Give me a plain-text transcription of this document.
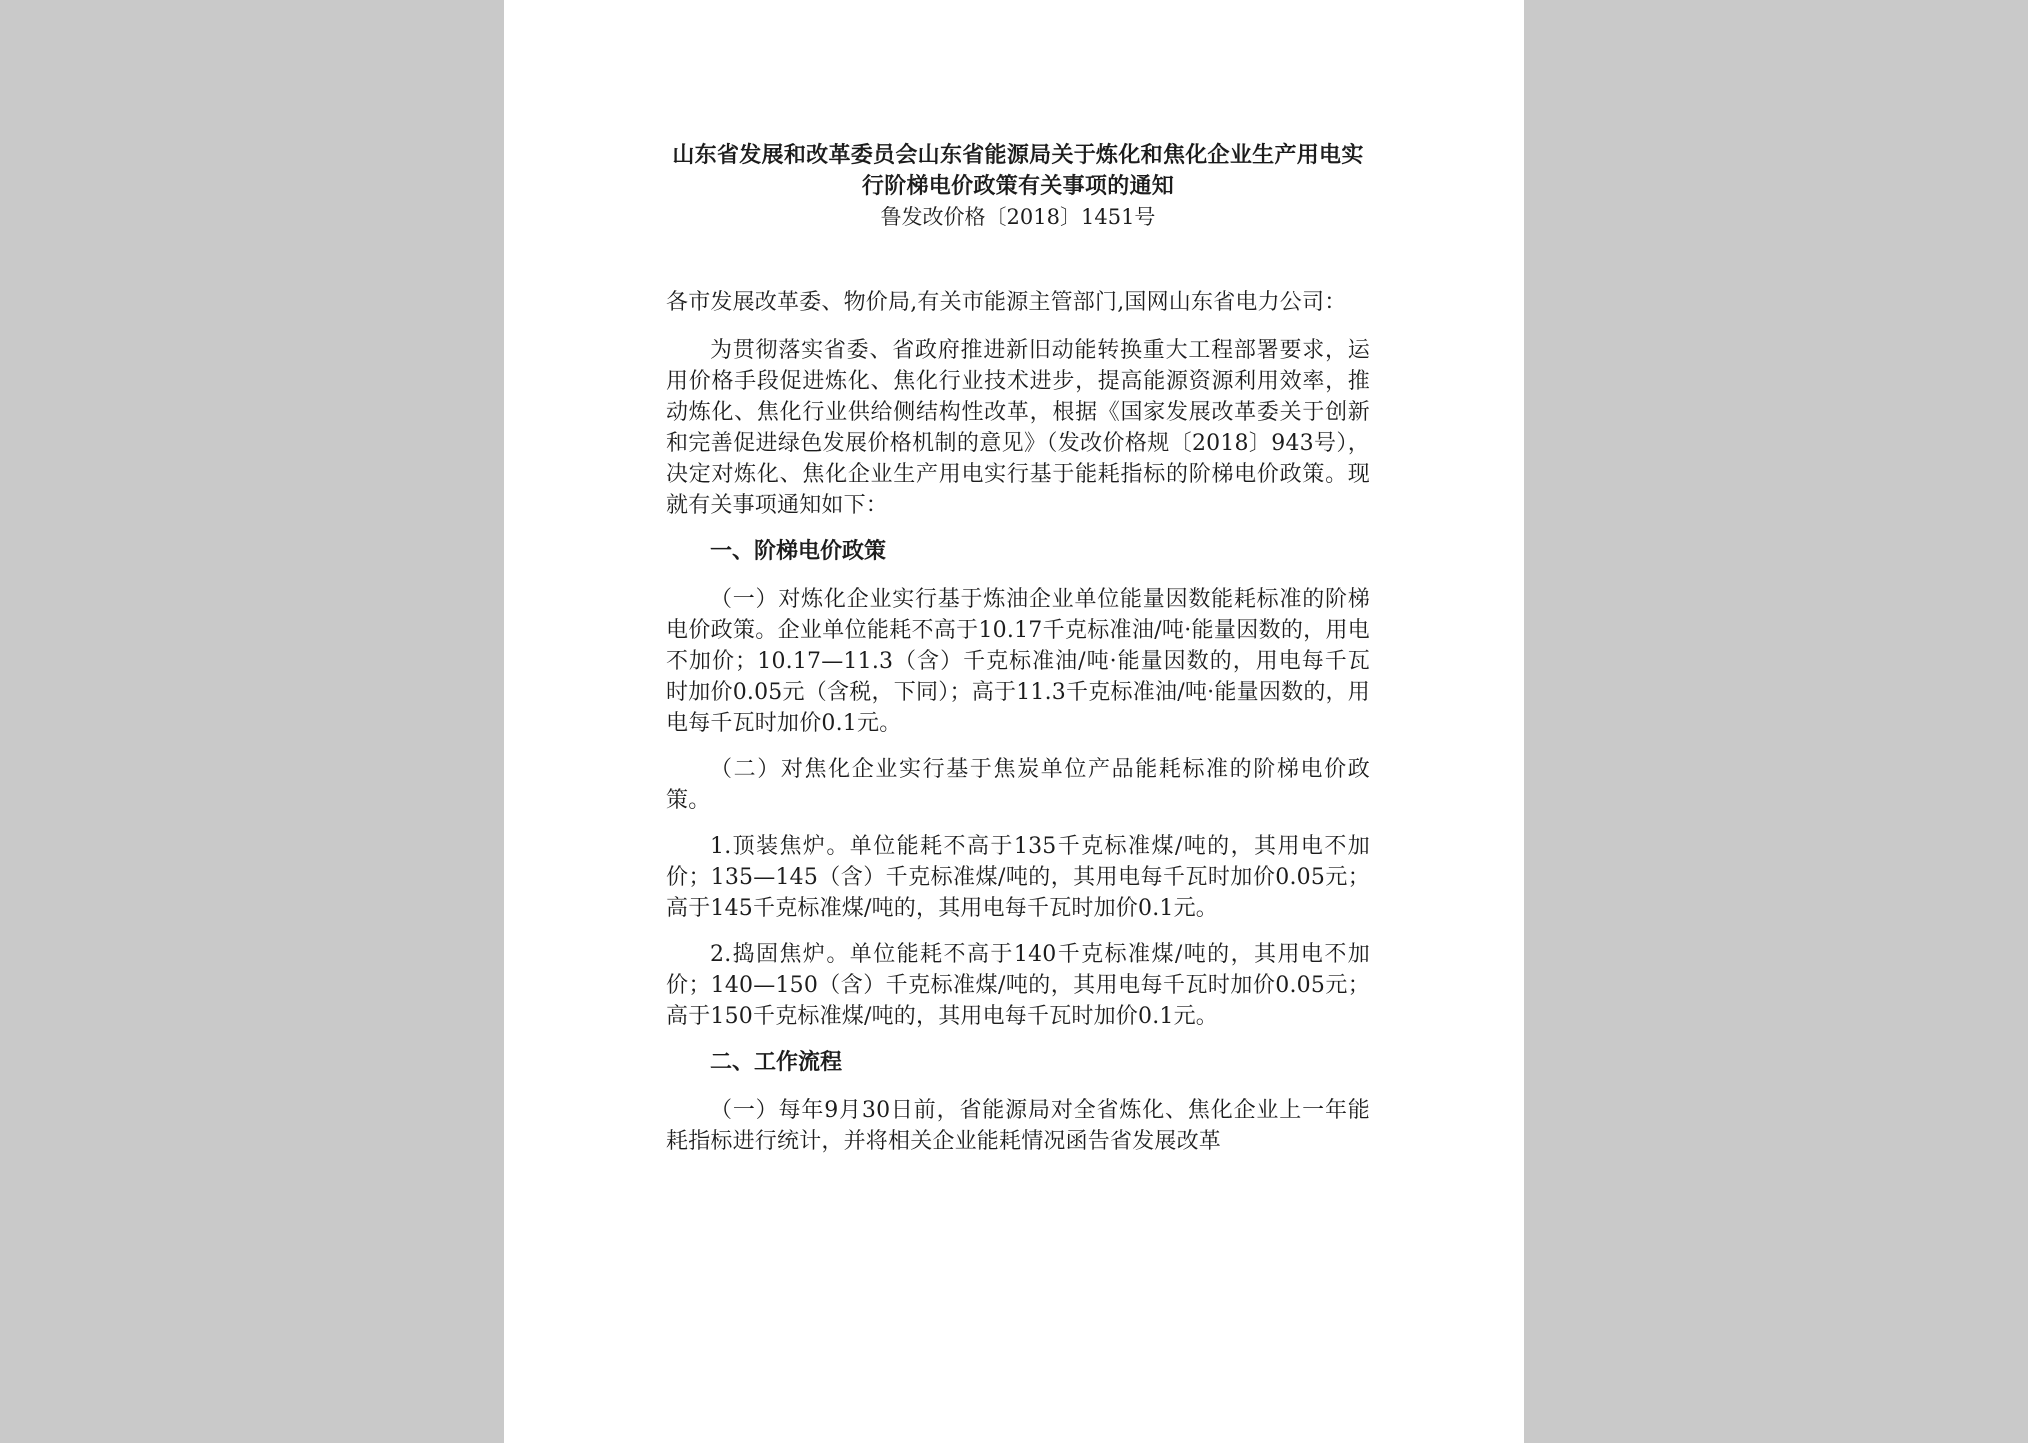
山东省发展和改革委员会山东省能源局关于炼化和焦化企业生产用电实行阶梯电价政策有关事项的通知

鲁发改价格〔2018〕1451号

各市发展改革委、物价局,有关市能源主管部门,国网山东省电力公司：

为贯彻落实省委、省政府推进新旧动能转换重大工程部署要求，运用价格手段促进炼化、焦化行业技术进步，提高能源资源利用效率，推动炼化、焦化行业供给侧结构性改革，根据《国家发展改革委关于创新和完善促进绿色发展价格机制的意见》（发改价格规〔2018〕943号），决定对炼化、焦化企业生产用电实行基于能耗指标的阶梯电价政策。现就有关事项通知如下：

一、阶梯电价政策

（一）对炼化企业实行基于炼油企业单位能量因数能耗标准的阶梯电价政策。企业单位能耗不高于10.17千克标准油/吨·能量因数的，用电不加价；10.17—11.3（含）千克标准油/吨·能量因数的，用电每千瓦时加价0.05元（含税，下同）；高于11.3千克标准油/吨·能量因数的，用电每千瓦时加价0.1元。

（二）对焦化企业实行基于焦炭单位产品能耗标准的阶梯电价政策。

1.顶装焦炉。单位能耗不高于135千克标准煤/吨的，其用电不加价；135—145（含）千克标准煤/吨的，其用电每千瓦时加价0.05元；高于145千克标准煤/吨的，其用电每千瓦时加价0.1元。

2.捣固焦炉。单位能耗不高于140千克标准煤/吨的，其用电不加价；140—150（含）千克标准煤/吨的，其用电每千瓦时加价0.05元；高于150千克标准煤/吨的，其用电每千瓦时加价0.1元。

二、工作流程

（一）每年9月30日前，省能源局对全省炼化、焦化企业上一年能耗指标进行统计，并将相关企业能耗情况函告省发展改革
